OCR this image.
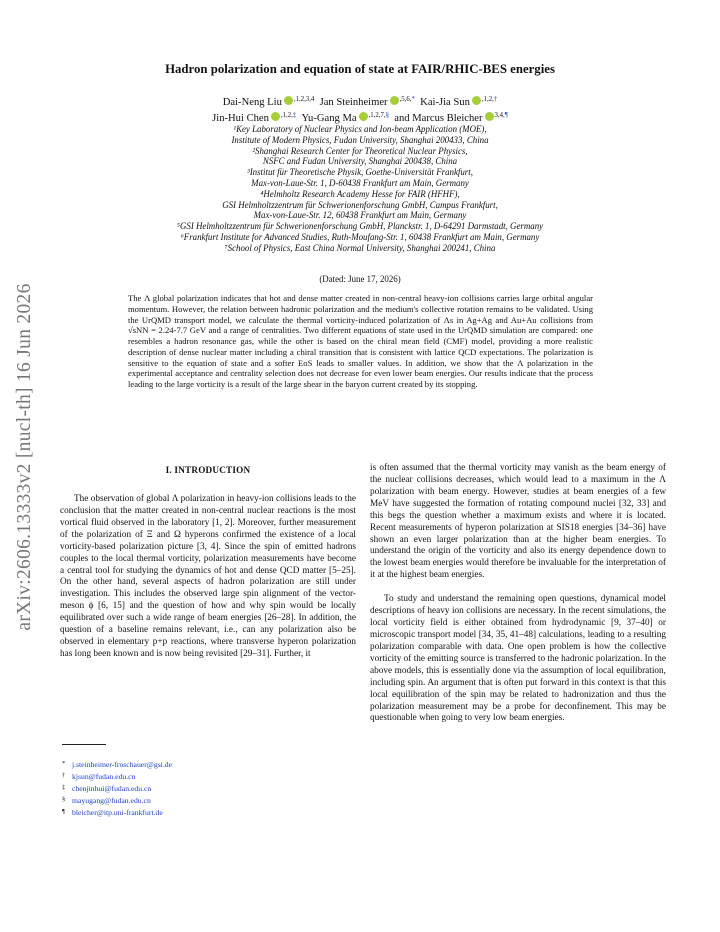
arXiv:2606.13333v2 [nucl-th] 16 Jun 2026
Hadron polarization and equation of state at FAIR/RHIC-BES energies
Dai-Neng Liu $^{,1,2,3,4}$ Jan Steinheimer $^{,5,6,*}$ Kai-Jia Sun $^{,1,2,\dagger}$
Jin-Hui Chen $^{,1,2,\ddagger}$ Yu-Gang Ma $^{,1,2,7,\S}$  and Marcus Bleicher $^{3,4,\P}$
¹Key Laboratory of Nuclear Physics and Ion-beam Application (MOE),
Institute of Modern Physics, Fudan University, Shanghai 200433, China
²Shanghai Research Center for Theoretical Nuclear Physics,
NSFC and Fudan University, Shanghai 200438, China
³Institut für Theoretische Physik, Goethe-Universität Frankfurt,
Max-von-Laue-Str. 1, D-60438 Frankfurt am Main, Germany
⁴Helmholtz Research Academy Hesse for FAIR (HFHF),
GSI Helmholtzzentrum für Schwerionenforschung GmbH, Campus Frankfurt,
Max-von-Laue-Str. 12, 60438 Frankfurt am Main, Germany
⁵GSI Helmholtzzentrum für Schwerionenforschung GmbH, Planckstr. 1, D-64291 Darmstadt, Germany
⁶Frankfurt Institute for Advanced Studies, Ruth-Moufang-Str. 1, 60438 Frankfurt am Main, Germany
⁷School of Physics, East China Normal University, Shanghai 200241, China
(Dated: June 17, 2026)
The Λ global polarization indicates that hot and dense matter created in non-central heavy-ion collisions carries large orbital angular momentum. However, the relation between hadronic polarization and the medium's collective rotation remains to be validated. Using the UrQMD transport model, we calculate the thermal vorticity-induced polarization of Λs in Ag+Ag and Au+Au collisions from √sNN = 2.24-7.7 GeV and a range of centralities. Two different equations of state used in the UrQMD simulation are compared: one resembles a hadron resonance gas, while the other is based on the chiral mean field (CMF) model, providing a more realistic description of dense nuclear matter including a chiral transition that is consistent with lattice QCD expectations. The polarization is sensitive to the equation of state and a softer EoS leads to smaller values. In addition, we show that the Λ polarization in the experimental acceptance and centrality selection does not decrease for even lower beam energies. Our results indicate that the process leading to the large vorticity is a result of the large shear in the baryon current created by its stopping.
I. INTRODUCTION

The observation of global Λ polarization in heavy-ion collisions leads to the conclusion that the matter created in non-central nuclear reactions is the most vortical fluid observed in the laboratory [1, 2]. Moreover, further measurement of the polarization of Ξ and Ω hyperons confirmed the existence of a local vorticity-based polarization picture [3, 4]. Since the spin of emitted hadrons couples to the local thermal vorticity, polarization measurements have become a central tool for studying the dynamics of hot and dense QCD matter [5–25]. On the other hand, several aspects of hadron polarization are still under investigation. This includes the observed large spin alignment of the vector-meson ϕ [6, 15] and the question of how and why spin would be locally equilibrated over such a wide range of beam energies [26–28]. In addition, the question of a baseline remains relevant, i.e., can any polarization also be observed in elementary p+p reactions, where transverse hyperon polarization has long been known and is now being revisited [29–31]. Further, it

is often assumed that the thermal vorticity may vanish as the beam energy of the nuclear collisions decreases, which would lead to a maximum in the Λ polarization with beam energy. However, studies at beam energies of a few MeV have suggested the formation of rotating compound nuclei [32, 33] and this begs the question whether a maximum exists and where it is located. Recent measurements of hyperon polarization at SIS18 energies [34–36] have shown an even larger polarization than at the higher beam energies. To understand the origin of the vorticity and also its energy dependence down to the lowest beam energies would therefore be invaluable for the interpretation of it at the highest beam energies.

To study and understand the remaining open questions, dynamical model descriptions of heavy ion collisions are necessary. In the recent simulations, the local vorticity field is either obtained from hydrodynamic [9, 37–40] or microscopic transport model [34, 35, 41–48] calculations, leading to a resulting polarization comparable with data. One open problem is how the collective vorticity of the emitting source is transferred to the hadronic polarization. In the above models, this is essentially done via the assumption of local equilibration, including spin. An argument that is often put forward in this context is that this local equilibration of the spin may be related to hadronization and thus the polarization measurement may be a probe for deconfinement. This may be questionable when going to very low beam energies.

* j.steinheimer-froschauer@gsi.de
† kjsun@fudan.edu.cn
‡ chenjinhui@fudan.edu.cn
§ mayugang@fudan.edu.cn
¶ bleicher@itp.uni-frankfurt.de
